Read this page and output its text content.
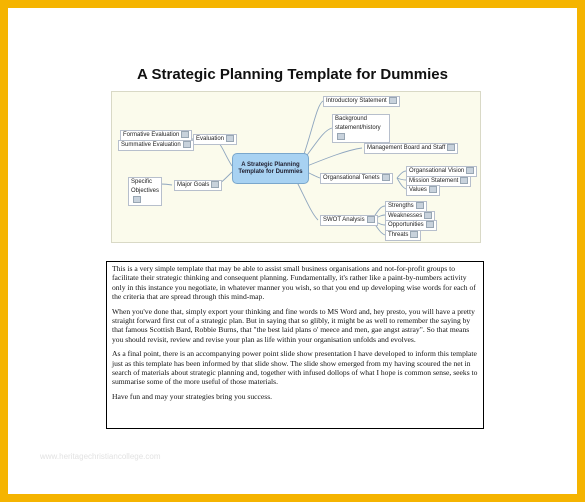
A Strategic Planning Template for Dummies
A Strategic Planning Template for Dummies
Introductory Statement
Background statement/history
Management Board and Staff
Organsational Tenets
Organsational Vision
Mission Statement
Values
SWOT Analysis
Strengths
Weaknesses
Opportunities
Threats
Evaluation
Formative Evaluation
Summative Evaluation
Major Goals
Specific Objectives

This is a very simple template that may be able to assist small business organisations and not-for-profit groups to facilitate their strategic thinking and consequent planning. Fundamentally, it's rather like a paint-by-numbers activity only in this instance you negotiate, in whatever manner you wish, so that you end up developing wise words for each of the criteria that are spread through this mind-map.

When you've done that, simply export your thinking and fine words to MS Word and, hey presto, you will have a pretty straight forward first cut of a strategic plan. But in saying that so glibly, it might be as well to remember the saying by that famous Scottish Bard, Robbie Burns, that "the best laid plans o' meece and men, gae angst astray". So that means you should revisit, review and revise your plan as life within your organisation unfolds and evolves.

As a final point, there is an accompanying power point slide show presentation I have developed to inform this template just as this template has been informed by that slide show. The slide show emerged from my having scoured the net in search of materials about strategic planning and, together with infused dollops of what I hope is common sense, seeks to summarise some of the more useful of those materials.

Have fun and may your strategies bring you success.

www.heritagechristiancollege.com
